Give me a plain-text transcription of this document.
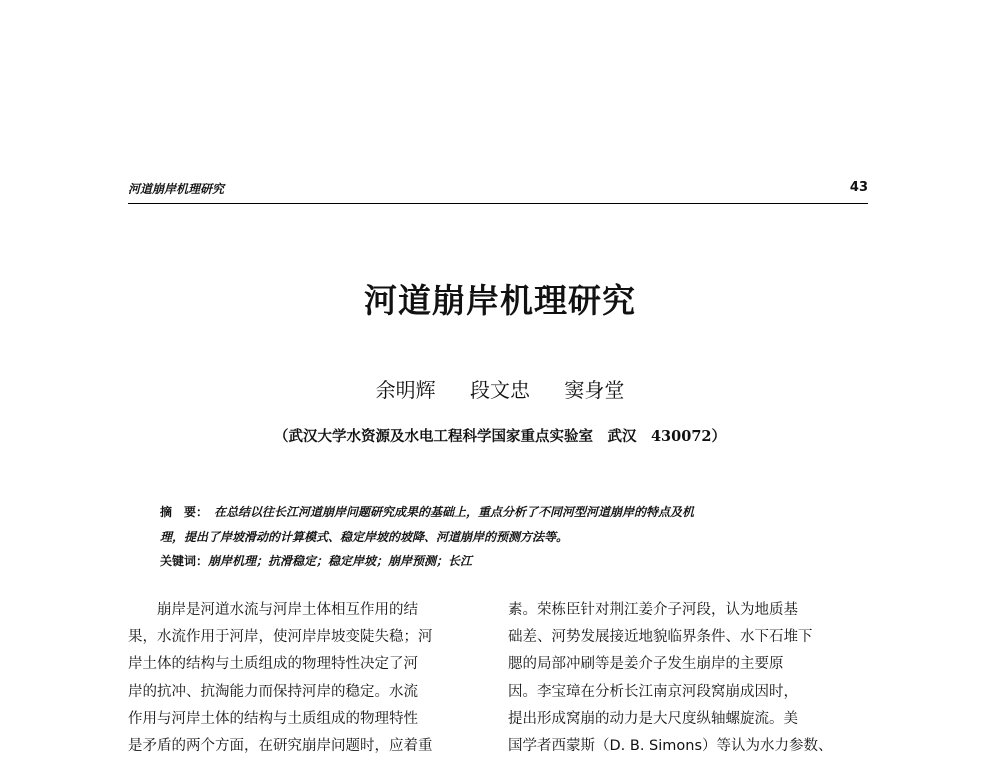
河道崩岸机理研究	43
河道崩岸机理研究
余明辉 段文忠 窦身堂
（武汉大学水资源及水电工程科学国家重点实验室　武汉　430072）
摘　要： 在总结以往长江河道崩岸问题研究成果的基础上，重点分析了不同河型河道崩岸的特点及机
理，提出了岸坡滑动的计算模式、稳定岸坡的坡降、河道崩岸的预测方法等。
关键词：崩岸机理；抗滑稳定；稳定岸坡；崩岸预测；长江
　　崩岸是河道水流与河岸土体相互作用的结
果，水流作用于河岸，使河岸岸坡变陡失稳；河
岸土体的结构与土质组成的物理特性决定了河
岸的抗冲、抗淘能力而保持河岸的稳定。水流
作用与河岸土体的结构与土质组成的物理特性
是矛盾的两个方面，在研究崩岸问题时，应着重
素。荣栋臣针对荆江姜介子河段，认为地质基
础差、河势发展接近地貌临界条件、水下石堆下
腮的局部冲刷等是姜介子发生崩岸的主要原
因。李宝璋在分析长江南京河段窝崩成因时，
提出形成窝崩的动力是大尺度纵轴螺旋流。美
国学者西蒙斯（D. B. Simons）等认为水力参数、
